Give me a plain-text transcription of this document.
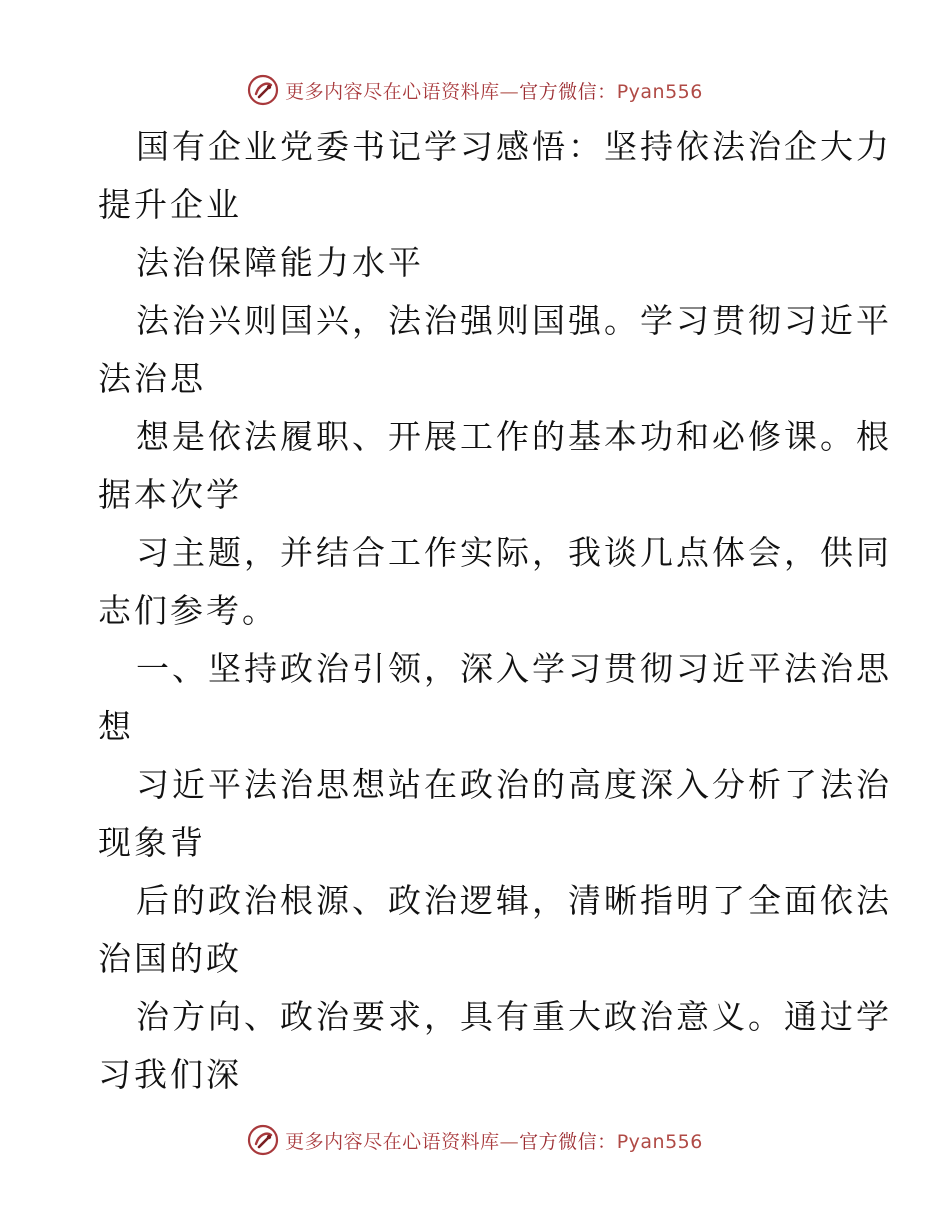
更多内容尽在心语资料库—官方微信：Pyan556
国有企业党委书记学习感悟：坚持依法治企大力
提升企业
法治保障能力水平
法治兴则国兴，法治强则国强。学习贯彻习近平
法治思
想是依法履职、开展工作的基本功和必修课。根
据本次学
习主题，并结合工作实际，我谈几点体会，供同
志们参考。
一、坚持政治引领，深入学习贯彻习近平法治思
想
习近平法治思想站在政治的高度深入分析了法治
现象背
后的政治根源、政治逻辑，清晰指明了全面依法
治国的政
治方向、政治要求，具有重大政治意义。通过学
习我们深
更多内容尽在心语资料库—官方微信：Pyan556
